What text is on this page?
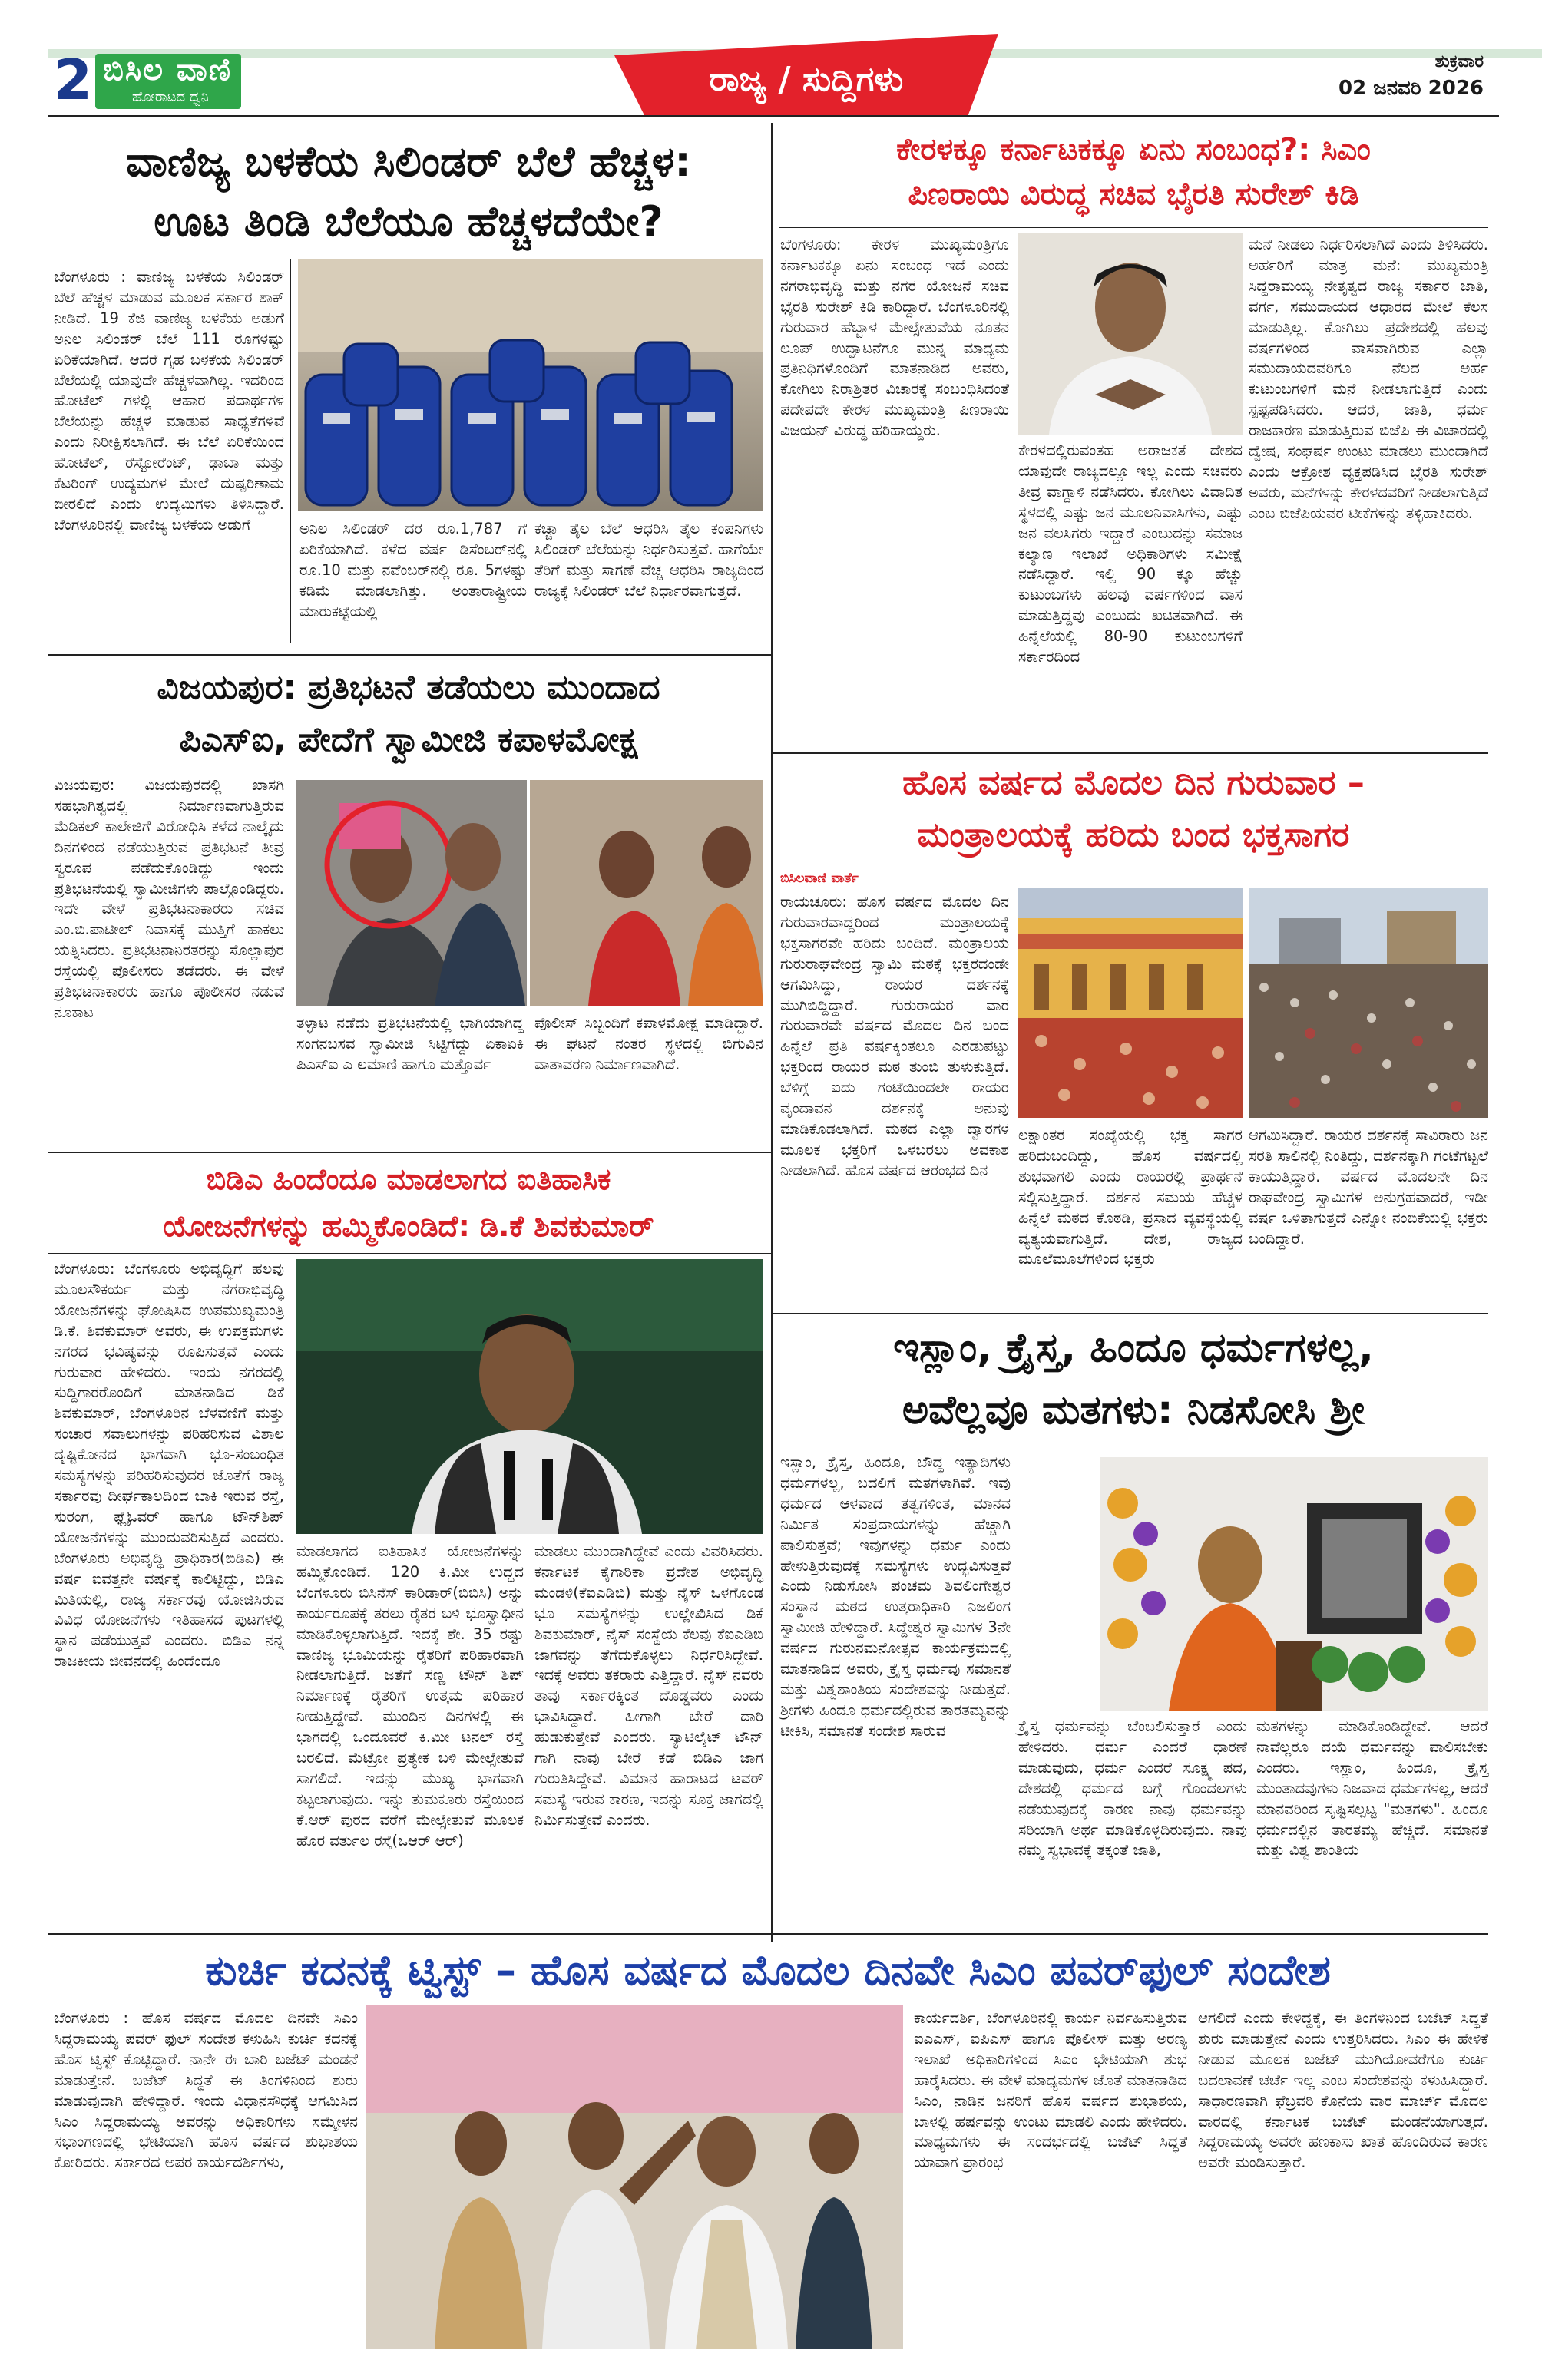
2 ಬಿಸಿಲ ವಾಣಿ
ಹೋರಾಟದ ಧ್ವನಿ	ರಾಜ್ಯ / ಸುದ್ದಿಗಳು	ಶುಕ್ರವಾರ
02 ಜನವರಿ 2026
ವಾಣಿಜ್ಯ ಬಳಕೆಯ ಸಿಲಿಂಡರ್ ಬೆಲೆ ಹೆಚ್ಚಳ:
ಊಟ ತಿಂಡಿ ಬೆಲೆಯೂ ಹೆಚ್ಚಳದೆಯೇ?
ಬೆಂಗಳೂರು : ವಾಣಿಜ್ಯ ಬಳಕೆಯ ಸಿಲಿಂಡರ್ ಬೆಲೆ ಹೆಚ್ಚಳ ಮಾಡುವ ಮೂಲಕ ಸರ್ಕಾರ ಶಾಕ್ ನೀಡಿದೆ. 19 ಕೆಜಿ ವಾಣಿಜ್ಯ ಬಳಕೆಯ ಅಡುಗೆ ಅನಿಲ ಸಿಲಿಂಡರ್ ಬೆಲೆ 111 ರೂಗಳಷ್ಟು ಏರಿಕೆಯಾಗಿದೆ. ಆದರೆ ಗೃಹ ಬಳಕೆಯ ಸಿಲಿಂಡರ್ ಬೆಲೆಯಲ್ಲಿ ಯಾವುದೇ ಹೆಚ್ಚಳವಾಗಿಲ್ಲ. ಇದರಿಂದ ಹೋಟೆಲ್ ಗಳಲ್ಲಿ ಆಹಾರ ಪದಾರ್ಥಗಳ ಬೆಲೆಯನ್ನು ಹೆಚ್ಚಳ ಮಾಡುವ ಸಾಧ್ಯತೆಗಳಿವೆ ಎಂದು ನಿರೀಕ್ಷಿಸಲಾಗಿದೆ. ಈ ಬೆಲೆ ಏರಿಕೆಯಿಂದ ಹೋಟೆಲ್, ರೆಸ್ಟೋರೆಂಟ್, ಢಾಬಾ ಮತ್ತು ಕೆಟರಿಂಗ್ ಉದ್ಯಮಗಳ ಮೇಲೆ ದುಷ್ಪರಿಣಾಮ ಬೀರಲಿದೆ ಎಂದು ಉದ್ಯಮಿಗಳು ತಿಳಿಸಿದ್ದಾರೆ. ಬೆಂಗಳೂರಿನಲ್ಲಿ ವಾಣಿಜ್ಯ ಬಳಕೆಯ ಅಡುಗೆ	ಅನಿಲ ಸಿಲಿಂಡರ್ ದರ ರೂ.1,787 ಗೆ ಏರಿಕೆಯಾಗಿದೆ. ಕಳೆದ ವರ್ಷ ಡಿಸೆಂಬರ್‌ನಲ್ಲಿ ರೂ.10 ಮತ್ತು ನವೆಂಬರ್‌ನಲ್ಲಿ ರೂ. 5ಗಳಷ್ಟು ಕಡಿಮೆ ಮಾಡಲಾಗಿತ್ತು. ಅಂತಾರಾಷ್ಟ್ರೀಯ ಮಾರುಕಟ್ಟೆಯಲ್ಲಿ
ಕಚ್ಚಾ ತೈಲ ಬೆಲೆ ಆಧರಿಸಿ ತೈಲ ಕಂಪನಿಗಳು ಸಿಲಿಂಡರ್ ಬೆಲೆಯನ್ನು ನಿರ್ಧರಿಸುತ್ತವೆ. ಹಾಗೆಯೇ ತೆರಿಗೆ ಮತ್ತು ಸಾಗಣೆ ವೆಚ್ಚ ಆಧರಿಸಿ ರಾಜ್ಯದಿಂದ ರಾಜ್ಯಕ್ಕೆ ಸಿಲಿಂಡರ್ ಬೆಲೆ ನಿರ್ಧಾರವಾಗುತ್ತದೆ.
ಕೇರಳಕ್ಕೂ ಕರ್ನಾಟಕಕ್ಕೂ ಏನು ಸಂಬಂಧ?: ಸಿಎಂ
ಪಿಣರಾಯಿ ವಿರುದ್ಧ ಸಚಿವ ಭೈರತಿ ಸುರೇಶ್ ಕಿಡಿ
ಬೆಂಗಳೂರು: ಕೇರಳ ಮುಖ್ಯಮಂತ್ರಿಗೂ ಕರ್ನಾಟಕಕ್ಕೂ ಏನು ಸಂಬಂಧ ಇದೆ ಎಂದು ನಗರಾಭಿವೃದ್ಧಿ ಮತ್ತು ನಗರ ಯೋಜನೆ ಸಚಿವ ಭೈರತಿ ಸುರೇಶ್ ಕಿಡಿ ಕಾರಿದ್ದಾರೆ. ಬೆಂಗಳೂರಿನಲ್ಲಿ ಗುರುವಾರ ಹೆಬ್ಬಾಳ ಮೇಲ್ಸೇತುವೆಯ ನೂತನ ಲೂಪ್ ಉದ್ಘಾಟನೆಗೂ ಮುನ್ನ ಮಾಧ್ಯಮ ಪ್ರತಿನಿಧಿಗಳೊಂದಿಗೆ ಮಾತನಾಡಿದ ಅವರು, ಕೋಗಿಲು ನಿರಾಶ್ರಿತರ ವಿಚಾರಕ್ಕೆ ಸಂಬಂಧಿಸಿದಂತೆ ಪದೇಪದೇ ಕೇರಳ ಮುಖ್ಯಮಂತ್ರಿ ಪಿಣರಾಯಿ ವಿಜಯನ್ ವಿರುದ್ಧ ಹರಿಹಾಯ್ದರು.
ಮನೆ ನೀಡಲು ನಿರ್ಧರಿಸಲಾಗಿದೆ ಎಂದು ತಿಳಿಸಿದರು. ಅರ್ಹರಿಗೆ ಮಾತ್ರ ಮನೆ: ಮುಖ್ಯಮಂತ್ರಿ ಸಿದ್ದರಾಮಯ್ಯ ನೇತೃತ್ವದ ರಾಜ್ಯ ಸರ್ಕಾರ ಜಾತಿ, ವರ್ಗ, ಸಮುದಾಯದ ಆಧಾರದ ಮೇಲೆ ಕೆಲಸ ಮಾಡುತ್ತಿಲ್ಲ. ಕೋಗಿಲು ಪ್ರದೇಶದಲ್ಲಿ ಹಲವು ವರ್ಷಗಳಿಂದ ವಾಸವಾಗಿರುವ ಎಲ್ಲಾ ಸಮುದಾಯದವರಿಗೂ ನೆಲದ ಅರ್ಹ ಕುಟುಂಬಗಳಿಗೆ ಮನೆ ನೀಡಲಾಗುತ್ತಿದೆ ಎಂದು ಸ್ಪಷ್ಟಪಡಿಸಿದರು. ಆದರೆ, ಜಾತಿ, ಧರ್ಮ ರಾಜಕಾರಣ ಮಾಡುತ್ತಿರುವ ಬಿಜೆಪಿ ಈ ವಿಚಾರದಲ್ಲಿ ದ್ವೇಷ, ಸಂಘರ್ಷ ಉಂಟು ಮಾಡಲು ಮುಂದಾಗಿದೆ ಎಂದು ಆಕ್ರೋಶ ವ್ಯಕ್ತಪಡಿಸಿದ ಭೈರತಿ ಸುರೇಶ್ ಅವರು, ಮನೆಗಳನ್ನು ಕೇರಳದವರಿಗೆ ನೀಡಲಾಗುತ್ತಿದೆ ಎಂಬ ಬಿಜೆಪಿಯವರ ಟೀಕೆಗಳನ್ನು ತಳ್ಳಿಹಾಕಿದರು.
ಕೇರಳದಲ್ಲಿರುವಂತಹ ಅರಾಜಕತೆ ದೇಶದ ಯಾವುದೇ ರಾಜ್ಯದಲ್ಲೂ ಇಲ್ಲ ಎಂದು ಸಚಿವರು ತೀವ್ರ ವಾಗ್ದಾಳಿ ನಡೆಸಿದರು. ಕೋಗಿಲು ವಿವಾದಿತ ಸ್ಥಳದಲ್ಲಿ ಎಷ್ಟು ಜನ ಮೂಲನಿವಾಸಿಗಳು, ಎಷ್ಟು ಜನ ವಲಸಿಗರು ಇದ್ದಾರೆ ಎಂಬುದನ್ನು ಸಮಾಜ ಕಲ್ಯಾಣ ಇಲಾಖೆ ಅಧಿಕಾರಿಗಳು ಸಮೀಕ್ಷೆ ನಡೆಸಿದ್ದಾರೆ. ಇಲ್ಲಿ 90 ಕ್ಕೂ ಹೆಚ್ಚು ಕುಟುಂಬಗಳು ಹಲವು ವರ್ಷಗಳಿಂದ ವಾಸ ಮಾಡುತ್ತಿದ್ದವು ಎಂಬುದು ಖಚಿತವಾಗಿದೆ. ಈ ಹಿನ್ನೆಲೆಯಲ್ಲಿ 80-90 ಕುಟುಂಬಗಳಿಗೆ ಸರ್ಕಾರದಿಂದ
ವಿಜಯಪುರ: ಪ್ರತಿಭಟನೆ ತಡೆಯಲು ಮುಂದಾದ
ಪಿಎಸ್ಐ, ಪೇದೆಗೆ ಸ್ವಾಮೀಜಿ ಕಪಾಳಮೋಕ್ಷ
ವಿಜಯಪುರ: ವಿಜಯಪುರದಲ್ಲಿ ಖಾಸಗಿ ಸಹಭಾಗಿತ್ವದಲ್ಲಿ ನಿರ್ಮಾಣವಾಗುತ್ತಿರುವ ಮೆಡಿಕಲ್ ಕಾಲೇಜಿಗೆ ವಿರೋಧಿಸಿ ಕಳೆದ ನಾಲ್ಕೈದು ದಿನಗಳಿಂದ ನಡೆಯುತ್ತಿರುವ ಪ್ರತಿಭಟನೆ ತೀವ್ರ ಸ್ವರೂಪ ಪಡೆದುಕೊಂಡಿದ್ದು ಇಂದು ಪ್ರತಿಭಟನೆಯಲ್ಲಿ ಸ್ವಾಮೀಜಿಗಳು ಪಾಲ್ಗೊಂಡಿದ್ದರು. ಇದೇ ವೇಳೆ ಪ್ರತಿಭಟನಾಕಾರರು ಸಚಿವ ಎಂ.ಬಿ.ಪಾಟೀಲ್ ನಿವಾಸಕ್ಕೆ ಮುತ್ತಿಗೆ ಹಾಕಲು ಯತ್ನಿಸಿದರು. ಪ್ರತಿಭಟನಾನಿರತರನ್ನು ಸೊಲ್ಲಾಪುರ ರಸ್ತೆಯಲ್ಲಿ ಪೊಲೀಸರು ತಡೆದರು. ಈ ವೇಳೆ ಪ್ರತಿಭಟನಾಕಾರರು ಹಾಗೂ ಪೊಲೀಸರ ನಡುವೆ ನೂಕಾಟ
ತಳ್ಳಾಟ ನಡೆದು ಪ್ರತಿಭಟನೆಯಲ್ಲಿ ಭಾಗಿಯಾಗಿದ್ದ ಸಂಗನಬಸವ ಸ್ವಾಮೀಜಿ ಸಿಟ್ಟಿಗೆದ್ದು ಏಕಾಏಕಿ ಪಿಎಸ್ಐ ಎ ಲಮಾಣಿ ಹಾಗೂ ಮತ್ತೊರ್ವ
ಪೊಲೀಸ್ ಸಿಬ್ಬಂದಿಗೆ ಕಪಾಳಮೋಕ್ಷ ಮಾಡಿದ್ದಾರೆ. ಈ ಘಟನೆ ನಂತರ ಸ್ಥಳದಲ್ಲಿ ಬಿಗುವಿನ ವಾತಾವರಣ ನಿರ್ಮಾಣವಾಗಿದೆ.
ಹೊಸ ವರ್ಷದ ಮೊದಲ ದಿನ ಗುರುವಾರ –
ಮಂತ್ರಾಲಯಕ್ಕೆ ಹರಿದು ಬಂದ ಭಕ್ತಸಾಗರ
ಬಿಸಿಲವಾಣಿ ವಾರ್ತೆ
ರಾಯಚೂರು: ಹೊಸ ವರ್ಷದ ಮೊದಲ ದಿನ ಗುರುವಾರವಾದ್ದರಿಂದ ಮಂತ್ರಾಲಯಕ್ಕೆ ಭಕ್ತಸಾಗರವೇ ಹರಿದು ಬಂದಿದೆ. ಮಂತ್ರಾಲಯ ಗುರುರಾಘವೇಂದ್ರ ಸ್ವಾಮಿ ಮಠಕ್ಕೆ ಭಕ್ತರದಂಡೇ ಆಗಮಿಸಿದ್ದು, ರಾಯರ ದರ್ಶನಕ್ಕೆ ಮುಗಿಬಿದ್ದಿದ್ದಾರೆ. ಗುರುರಾಯರ ವಾರ ಗುರುವಾರವೇ ವರ್ಷದ ಮೊದಲ ದಿನ ಬಂದ ಹಿನ್ನೆಲೆ ಪ್ರತಿ ವರ್ಷಕ್ಕಿಂತಲೂ ಎರಡುಪಟ್ಟು ಭಕ್ತರಿಂದ ರಾಯರ ಮಠ ತುಂಬಿ ತುಳುಕುತ್ತಿದೆ. ಬೆಳಿಗ್ಗೆ ಐದು ಗಂಟೆಯಿಂದಲೇ ರಾಯರ ವೃಂದಾವನ ದರ್ಶನಕ್ಕೆ ಅನುವು ಮಾಡಿಕೊಡಲಾಗಿದೆ. ಮಠದ ಎಲ್ಲಾ ದ್ವಾರಗಳ ಮೂಲಕ ಭಕ್ತರಿಗೆ ಒಳಬರಲು ಅವಕಾಶ ನೀಡಲಾಗಿದೆ. ಹೊಸ ವರ್ಷದ ಆರಂಭದ ದಿನ
ಲಕ್ಷಾಂತರ ಸಂಖ್ಯೆಯಲ್ಲಿ ಭಕ್ತ ಸಾಗರ ಹರಿದುಬಂದಿದ್ದು, ಹೊಸ ವರ್ಷದಲ್ಲಿ ಶುಭವಾಗಲಿ ಎಂದು ರಾಯರಲ್ಲಿ ಪ್ರಾರ್ಥನೆ ಸಲ್ಲಿಸುತ್ತಿದ್ದಾರೆ. ದರ್ಶನ ಸಮಯ ಹೆಚ್ಚಳ ಹಿನ್ನೆಲೆ ಮಠದ ಕೊಠಡಿ, ಪ್ರಸಾದ ವ್ಯವಸ್ಥೆಯಲ್ಲಿ ವ್ಯತ್ಯಯವಾಗುತ್ತಿದೆ. ದೇಶ, ರಾಜ್ಯದ ಮೂಲೆಮೂಲೆಗಳಿಂದ ಭಕ್ತರು
ಆಗಮಿಸಿದ್ದಾರೆ. ರಾಯರ ದರ್ಶನಕ್ಕೆ ಸಾವಿರಾರು ಜನ ಸರತಿ ಸಾಲಿನಲ್ಲಿ ನಿಂತಿದ್ದು, ದರ್ಶನಕ್ಕಾಗಿ ಗಂಟೆಗಟ್ಟಲೆ ಕಾಯುತ್ತಿದ್ದಾರೆ. ವರ್ಷದ ಮೊದಲನೇ ದಿನ ರಾಘವೇಂದ್ರ ಸ್ವಾಮಿಗಳ ಅನುಗ್ರಹವಾದರೆ, ಇಡೀ ವರ್ಷ ಒಳಿತಾಗುತ್ತದೆ ಎನ್ನೋ ನಂಬಿಕೆಯಲ್ಲಿ ಭಕ್ತರು ಬಂದಿದ್ದಾರೆ.
ಬಿಡಿಎ ಹಿಂದೆಂದೂ ಮಾಡಲಾಗದ ಐತಿಹಾಸಿಕ
ಯೋಜನೆಗಳನ್ನು ಹಮ್ಮಿಕೊಂಡಿದೆ: ಡಿ.ಕೆ ಶಿವಕುಮಾರ್
ಬೆಂಗಳೂರು: ಬೆಂಗಳೂರು ಅಭಿವೃದ್ಧಿಗೆ ಹಲವು ಮೂಲಸೌಕರ್ಯ ಮತ್ತು ನಗರಾಭಿವೃದ್ಧಿ ಯೋಜನೆಗಳನ್ನು ಘೋಷಿಸಿದ ಉಪಮುಖ್ಯಮಂತ್ರಿ ಡಿ.ಕೆ. ಶಿವಕುಮಾರ್ ಅವರು, ಈ ಉಪಕ್ರಮಗಳು ನಗರದ ಭವಿಷ್ಯವನ್ನು ರೂಪಿಸುತ್ತವೆ ಎಂದು ಗುರುವಾರ ಹೇಳಿದರು. ಇಂದು ನಗರದಲ್ಲಿ ಸುದ್ದಿಗಾರರೊಂದಿಗೆ ಮಾತನಾಡಿದ ಡಿಕೆ ಶಿವಕುಮಾರ್, ಬೆಂಗಳೂರಿನ ಬೆಳವಣಿಗೆ ಮತ್ತು ಸಂಚಾರ ಸವಾಲುಗಳನ್ನು ಪರಿಹರಿಸುವ ವಿಶಾಲ ದೃಷ್ಟಿಕೋನದ ಭಾಗವಾಗಿ ಭೂ-ಸಂಬಂಧಿತ ಸಮಸ್ಯೆಗಳನ್ನು ಪರಿಹರಿಸುವುದರ ಜೊತೆಗೆ ರಾಜ್ಯ ಸರ್ಕಾರವು ದೀರ್ಘಕಾಲದಿಂದ ಬಾಕಿ ಇರುವ ರಸ್ತೆ, ಸುರಂಗ, ಫ್ಲೈಓವರ್ ಹಾಗೂ ಟೌನ್‌ಶಿಪ್ ಯೋಜನೆಗಳನ್ನು ಮುಂದುವರಿಸುತ್ತಿದೆ ಎಂದರು. ಬೆಂಗಳೂರು ಅಭಿವೃದ್ಧಿ ಪ್ರಾಧಿಕಾರ(ಬಿಡಿಎ) ಈ ವರ್ಷ ಐವತ್ತನೇ ವರ್ಷಕ್ಕೆ ಕಾಲಿಟ್ಟಿದ್ದು, ಬಿಡಿಎ ಮಿತಿಯಲ್ಲಿ, ರಾಜ್ಯ ಸರ್ಕಾರವು ಯೋಜಿಸಿರುವ ವಿವಿಧ ಯೋಜನೆಗಳು ಇತಿಹಾಸದ ಪುಟಗಳಲ್ಲಿ ಸ್ಥಾನ ಪಡೆಯುತ್ತವೆ ಎಂದರು. ಬಿಡಿಎ ನನ್ನ ರಾಜಕೀಯ ಜೀವನದಲ್ಲಿ ಹಿಂದೆಂದೂ
ಮಾಡಲಾಗದ ಐತಿಹಾಸಿಕ ಯೋಜನೆಗಳನ್ನು ಹಮ್ಮಿಕೊಂಡಿದೆ. 120 ಕಿ.ಮೀ ಉದ್ದದ ಬೆಂಗಳೂರು ಬಿಸಿನೆಸ್ ಕಾರಿಡಾರ್(ಬಿಬಿಸಿ) ಅನ್ನು ಕಾರ್ಯರೂಪಕ್ಕೆ ತರಲು ರೈತರ ಬಳಿ ಭೂಸ್ವಾಧೀನ ಮಾಡಿಕೊಳ್ಳಲಾಗುತ್ತಿದೆ. ಇದಕ್ಕೆ ಶೇ. 35 ರಷ್ಟು ವಾಣಿಜ್ಯ ಭೂಮಿಯನ್ನು ರೈತರಿಗೆ ಪರಿಹಾರವಾಗಿ ನೀಡಲಾಗುತ್ತಿದೆ. ಜತೆಗೆ ಸಣ್ಣ ಟೌನ್ ಶಿಪ್ ನಿರ್ಮಾಣಕ್ಕೆ ರೈತರಿಗೆ ಉತ್ತಮ ಪರಿಹಾರ ನೀಡುತ್ತಿದ್ದೇವೆ. ಮುಂದಿನ ದಿನಗಳಲ್ಲಿ ಈ ಭಾಗದಲ್ಲಿ ಒಂದೂವರೆ ಕಿ.ಮೀ ಟನಲ್ ರಸ್ತೆ ಬರಲಿದೆ. ಮೆಟ್ರೋ ಪ್ರತ್ಯೇಕ ಬಳಿ ಮೇಲ್ಸೇತುವೆ ಸಾಗಲಿದೆ. ಇದನ್ನು ಮುಖ್ಯ ಭಾಗವಾಗಿ ಕಟ್ಟಲಾಗುವುದು. ಇನ್ನು ತುಮಕೂರು ರಸ್ತೆಯಿಂದ ಕೆ.ಆರ್ ಪುರದ ವರೆಗೆ ಮೇಲ್ಸೇತುವೆ ಮೂಲಕ ಹೊರ ವರ್ತುಲ ರಸ್ತೆ(ಒಆರ್ ಆರ್)
ಮಾಡಲು ಮುಂದಾಗಿದ್ದೇವೆ ಎಂದು ವಿವರಿಸಿದರು. ಕರ್ನಾಟಕ ಕೈಗಾರಿಕಾ ಪ್ರದೇಶ ಅಭಿವೃದ್ಧಿ ಮಂಡಳಿ(ಕೆಐಎಡಿಬಿ) ಮತ್ತು ನೈಸ್ ಒಳಗೊಂಡ ಭೂ ಸಮಸ್ಯೆಗಳನ್ನು ಉಲ್ಲೇಖಿಸಿದ ಡಿಕೆ ಶಿವಕುಮಾರ್, ನೈಸ್ ಸಂಸ್ಥೆಯ ಕೆಲವು ಕೆಐಎಡಿಬಿ ಜಾಗವನ್ನು ತೆಗೆದುಕೊಳ್ಳಲು ನಿರ್ಧರಿಸಿದ್ದೇವೆ. ಇದಕ್ಕೆ ಅವರು ತಕರಾರು ಎತ್ತಿದ್ದಾರೆ. ನೈಸ್ ನವರು ತಾವು ಸರ್ಕಾರಕ್ಕಿಂತ ದೊಡ್ಡವರು ಎಂದು ಭಾವಿಸಿದ್ದಾರೆ. ಹೀಗಾಗಿ ಬೇರೆ ದಾರಿ ಹುಡುಕುತ್ತೇವೆ ಎಂದರು. ಸ್ಯಾಟಿಲೈಟ್ ಟೌನ್ ಗಾಗಿ ನಾವು ಬೇರೆ ಕಡೆ ಬಿಡಿಎ ಜಾಗ ಗುರುತಿಸಿದ್ದೇವೆ. ವಿಮಾನ ಹಾರಾಟದ ಟವರ್ ಸಮಸ್ಯೆ ಇರುವ ಕಾರಣ, ಇದನ್ನು ಸೂಕ್ತ ಜಾಗದಲ್ಲಿ ನಿರ್ಮಿಸುತ್ತೇವೆ ಎಂದರು.
ಇಸ್ಲಾಂ, ಕ್ರೈಸ್ತ, ಹಿಂದೂ ಧರ್ಮಗಳಲ್ಲ,
ಅವೆಲ್ಲವೂ ಮತಗಳು: ನಿಡಸೋಸಿ ಶ್ರೀ
ಇಸ್ಲಾಂ, ಕ್ರೈಸ್ತ, ಹಿಂದೂ, ಬೌದ್ಧ ಇತ್ಯಾದಿಗಳು ಧರ್ಮಗಳಲ್ಲ, ಬದಲಿಗೆ ಮತಗಳಾಗಿವೆ. ಇವು ಧರ್ಮದ ಆಳವಾದ ತತ್ವಗಳಿಂತ, ಮಾನವ ನಿರ್ಮಿತ ಸಂಪ್ರದಾಯಗಳನ್ನು ಹೆಚ್ಚಾಗಿ ಪಾಲಿಸುತ್ತವೆ; ಇವುಗಳನ್ನು ಧರ್ಮ ಎಂದು ಹೇಳುತ್ತಿರುವುದಕ್ಕೆ ಸಮಸ್ಯೆಗಳು ಉದ್ಭವಿಸುತ್ತವೆ ಎಂದು ನಿಡುಸೋಸಿ ಪಂಚಮ ಶಿವಲಿಂಗೇಶ್ವರ ಸಂಸ್ಥಾನ ಮಠದ ಉತ್ತರಾಧಿಕಾರಿ ನಿಜಲಿಂಗ ಸ್ವಾಮೀಜಿ ಹೇಳಿದ್ದಾರೆ. ಸಿದ್ದೇಶ್ವರ ಸ್ವಾಮಿಗಳ 3ನೇ ವರ್ಷದ ಗುರುನಮನೋತ್ಸವ ಕಾರ್ಯಕ್ರಮದಲ್ಲಿ ಮಾತನಾಡಿದ ಅವರು, ಕ್ರೈಸ್ತ ಧರ್ಮವು ಸಮಾನತೆ ಮತ್ತು ವಿಶ್ವಶಾಂತಿಯ ಸಂದೇಶವನ್ನು ನೀಡುತ್ತದೆ. ಶ್ರೀಗಳು ಹಿಂದೂ ಧರ್ಮದಲ್ಲಿರುವ ತಾರತಮ್ಯವನ್ನು ಟೀಕಿಸಿ, ಸಮಾನತೆ ಸಂದೇಶ ಸಾರುವ	ಕ್ರೈಸ್ತ ಧರ್ಮವನ್ನು ಬೆಂಬಲಿಸುತ್ತಾರೆ ಎಂದು ಹೇಳಿದರು. ಧರ್ಮ ಎಂದರೆ ಧಾರಣೆ ಮಾಡುವುದು, ಧರ್ಮ ಎಂದರೆ ಸೂಕ್ಷ್ಮ ಪದ, ದೇಶದಲ್ಲಿ ಧರ್ಮದ ಬಗ್ಗೆ ಗೊಂದಲಗಳು ನಡೆಯುವುದಕ್ಕೆ ಕಾರಣ ನಾವು ಧರ್ಮವನ್ನು ಸರಿಯಾಗಿ ಅರ್ಥ ಮಾಡಿಕೊಳ್ಳದಿರುವುದು. ನಾವು ನಮ್ಮ ಸ್ವಭಾವಕ್ಕೆ ತಕ್ಕಂತೆ ಜಾತಿ,
ಮತಗಳನ್ನು ಮಾಡಿಕೊಂಡಿದ್ದೇವೆ. ಆದರೆ ನಾವೆಲ್ಲರೂ ದಯೆ ಧರ್ಮವನ್ನು ಪಾಲಿಸಬೇಕು ಎಂದರು. ಇಸ್ಲಾಂ, ಹಿಂದೂ, ಕ್ರೈಸ್ತ ಮುಂತಾದವುಗಳು ನಿಜವಾದ ಧರ್ಮಗಳಲ್ಲ, ಆದರೆ ಮಾನವರಿಂದ ಸೃಷ್ಟಿಸಲ್ಪಟ್ಟ "ಮತಗಳು". ಹಿಂದೂ ಧರ್ಮದಲ್ಲಿನ ತಾರತಮ್ಯ ಹೆಚ್ಚಿದೆ. ಸಮಾನತೆ ಮತ್ತು ವಿಶ್ವ ಶಾಂತಿಯ
ಕುರ್ಚಿ ಕದನಕ್ಕೆ ಟ್ವಿಸ್ಟ್ – ಹೊಸ ವರ್ಷದ ಮೊದಲ ದಿನವೇ ಸಿಎಂ ಪವರ್‌ಫುಲ್ ಸಂದೇಶ
ಬೆಂಗಳೂರು : ಹೊಸ ವರ್ಷದ ಮೊದಲ ದಿನವೇ ಸಿಎಂ ಸಿದ್ದರಾಮಯ್ಯ ಪವರ್ ಫುಲ್ ಸಂದೇಶ ಕಳುಹಿಸಿ ಕುರ್ಚಿ ಕದನಕ್ಕೆ ಹೊಸ ಟ್ವಿಸ್ಟ್ ಕೊಟ್ಟಿದ್ದಾರೆ. ನಾನೇ ಈ ಬಾರಿ ಬಜೆಟ್ ಮಂಡನೆ ಮಾಡುತ್ತೇನೆ. ಬಜೆಟ್ ಸಿದ್ಧತೆ ಈ ತಿಂಗಳಿನಿಂದ ಶುರು ಮಾಡುವುದಾಗಿ ಹೇಳಿದ್ದಾರೆ. ಇಂದು ವಿಧಾನಸೌಧಕ್ಕೆ ಆಗಮಿಸಿದ ಸಿಎಂ ಸಿದ್ದರಾಮಯ್ಯ ಅವರನ್ನು ಅಧಿಕಾರಿಗಳು ಸಮ್ಮೇಳನ ಸಭಾಂಗಣದಲ್ಲಿ ಭೇಟಿಯಾಗಿ ಹೊಸ ವರ್ಷದ ಶುಭಾಶಯ ಕೋರಿದರು. ಸರ್ಕಾರದ ಅಪರ ಕಾರ್ಯದರ್ಶಿಗಳು,
ಕಾರ್ಯದರ್ಶಿ, ಬೆಂಗಳೂರಿನಲ್ಲಿ ಕಾರ್ಯ ನಿರ್ವಹಿಸುತ್ತಿರುವ ಐಎಎಸ್, ಐಪಿಎಸ್ ಹಾಗೂ ಪೊಲೀಸ್ ಮತ್ತು ಅರಣ್ಯ ಇಲಾಖೆ ಅಧಿಕಾರಿಗಳಿಂದ ಸಿಎಂ ಭೇಟಿಯಾಗಿ ಶುಭ ಹಾರೈಸಿದರು. ಈ ವೇಳೆ ಮಾಧ್ಯಮಗಳ ಜೊತೆ ಮಾತನಾಡಿದ ಸಿಎಂ, ನಾಡಿನ ಜನರಿಗೆ ಹೊಸ ವರ್ಷದ ಶುಭಾಶಯ, ಬಾಳಲ್ಲಿ ಹರ್ಷವನ್ನು ಉಂಟು ಮಾಡಲಿ ಎಂದು ಹೇಳಿದರು. ಮಾಧ್ಯಮಗಳು ಈ ಸಂದರ್ಭದಲ್ಲಿ ಬಜೆಟ್ ಸಿದ್ಧತೆ ಯಾವಾಗ ಪ್ರಾರಂಭ
ಆಗಲಿದೆ ಎಂದು ಕೇಳಿದ್ದಕ್ಕೆ, ಈ ತಿಂಗಳಿನಿಂದ ಬಜೆಟ್ ಸಿದ್ಧತೆ ಶುರು ಮಾಡುತ್ತೇನೆ ಎಂದು ಉತ್ತರಿಸಿದರು. ಸಿಎಂ ಈ ಹೇಳಿಕೆ ನೀಡುವ ಮೂಲಕ ಬಜೆಟ್ ಮುಗಿಯೋವರೆಗೂ ಕುರ್ಚಿ ಬದಲಾವಣೆ ಚರ್ಚೆ ಇಲ್ಲ ಎಂಬ ಸಂದೇಶವನ್ನು ಕಳುಹಿಸಿದ್ದಾರೆ. ಸಾಧಾರಣವಾಗಿ ಫೆಬ್ರವರಿ ಕೊನೆಯ ವಾರ ಮಾರ್ಚ್ ಮೊದಲ ವಾರದಲ್ಲಿ ಕರ್ನಾಟಕ ಬಜೆಟ್ ಮಂಡನೆಯಾಗುತ್ತದೆ. ಸಿದ್ದರಾಮಯ್ಯ ಅವರೇ ಹಣಕಾಸು ಖಾತೆ ಹೊಂದಿರುವ ಕಾರಣ ಅವರೇ ಮಂಡಿಸುತ್ತಾರೆ.
